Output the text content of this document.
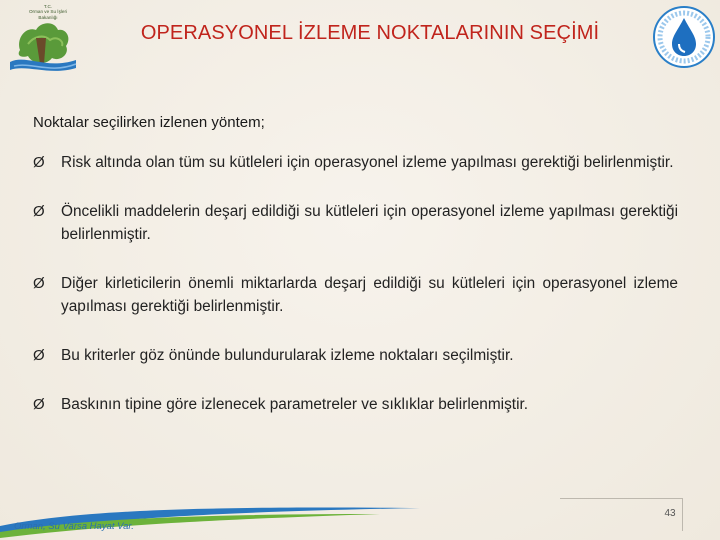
T.C.
Orman ve Su İşleri
Bakanlığı
OPERASYONEL İZLEME NOKTALARININ SEÇİMİ
Noktalar seçilirken izlenen yöntem;
Ø Risk altında olan tüm su kütleleri için operasyonel izleme yapılması gerektiği belirlenmiştir.
Ø Öncelikli maddelerin deşarj edildiği su kütleleri için operasyonel izleme yapılması gerektiği belirlenmiştir.
Ø Diğer kirleticilerin önemli miktarlarda deşarj edildiği su kütleleri için operasyonel izleme yapılması gerektiği belirlenmiştir.
Ø Bu kriterler göz önünde bulundurularak izleme noktaları seçilmiştir.
Ø Baskının tipine göre izlenecek parametreler ve sıklıklar belirlenmiştir.
Orman, Su Varsa Hayat Var.
43
